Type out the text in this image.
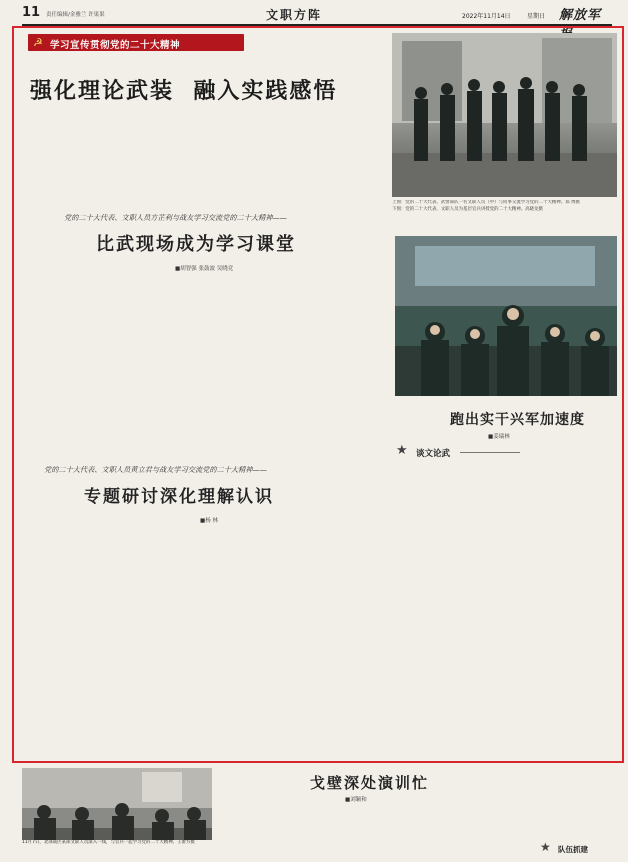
11 责任编辑/金雅兰 许果果	文职方阵	2022年11月14日	星期日 解放军
☭ 学习宣传贯彻党的二十大精神
强化理论武装  融入实践感悟
上图：党的二十大代表、武警部队一名文职人员（中）与同事交流学习党的二十大精神。郑 博摄
下图：党的二十大代表、文职人员为基层官兵讲授党的二十大精神。高晓龙摄
党的二十大代表、文职人员方芷利与战友学习交流党的二十大精神——
比武现场成为学习课堂
■胡智强 张鼓波 吴晓竞
跑出实干兴军加速度
■姜瑞林
★ 谈文论武
党的二十大代表、文职人员黄立君与战友学习交流党的二十大精神——
专题研讨深化理解认识
■杨 林
11月7日，北部战区某部文职人员深入一线，与官兵一起学习党的二十大精神。王蕾方摄
戈壁深处演训忙
■刘颖和
★ 队伍抓建
